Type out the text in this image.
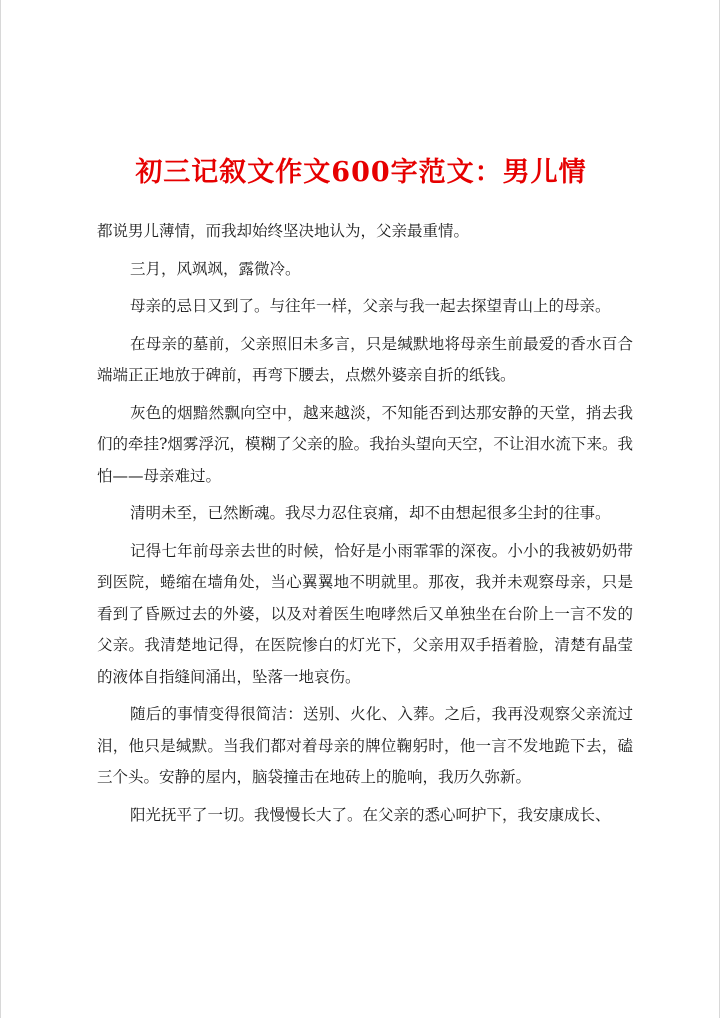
初三记叙文作文600字范文：男儿情

都说男儿薄情，而我却始终坚决地认为，父亲最重情。

三月，风飒飒，露微冷。

母亲的忌日又到了。与往年一样，父亲与我一起去探望青山上的母亲。

在母亲的墓前，父亲照旧未多言，只是缄默地将母亲生前最爱的香水百合端端正正地放于碑前，再弯下腰去，点燃外婆亲自折的纸钱。

灰色的烟黯然飘向空中，越来越淡，不知能否到达那安静的天堂，捎去我们的牵挂?烟雾浮沉，模糊了父亲的脸。我抬头望向天空，不让泪水流下来。我怕——母亲难过。

清明未至，已然断魂。我尽力忍住哀痛，却不由想起很多尘封的往事。

记得七年前母亲去世的时候，恰好是小雨霏霏的深夜。小小的我被奶奶带到医院，蜷缩在墙角处，当心翼翼地不明就里。那夜，我并未观察母亲，只是看到了昏厥过去的外婆，以及对着医生咆哮然后又单独坐在台阶上一言不发的父亲。我清楚地记得，在医院惨白的灯光下，父亲用双手捂着脸，清楚有晶莹的液体自指缝间涌出，坠落一地哀伤。

随后的事情变得很简洁：送别、火化、入葬。之后，我再没观察父亲流过泪，他只是缄默。当我们都对着母亲的牌位鞠躬时，他一言不发地跪下去，磕三个头。安静的屋内，脑袋撞击在地砖上的脆响，我历久弥新。

阳光抚平了一切。我慢慢长大了。在父亲的悉心呵护下，我安康成长、
